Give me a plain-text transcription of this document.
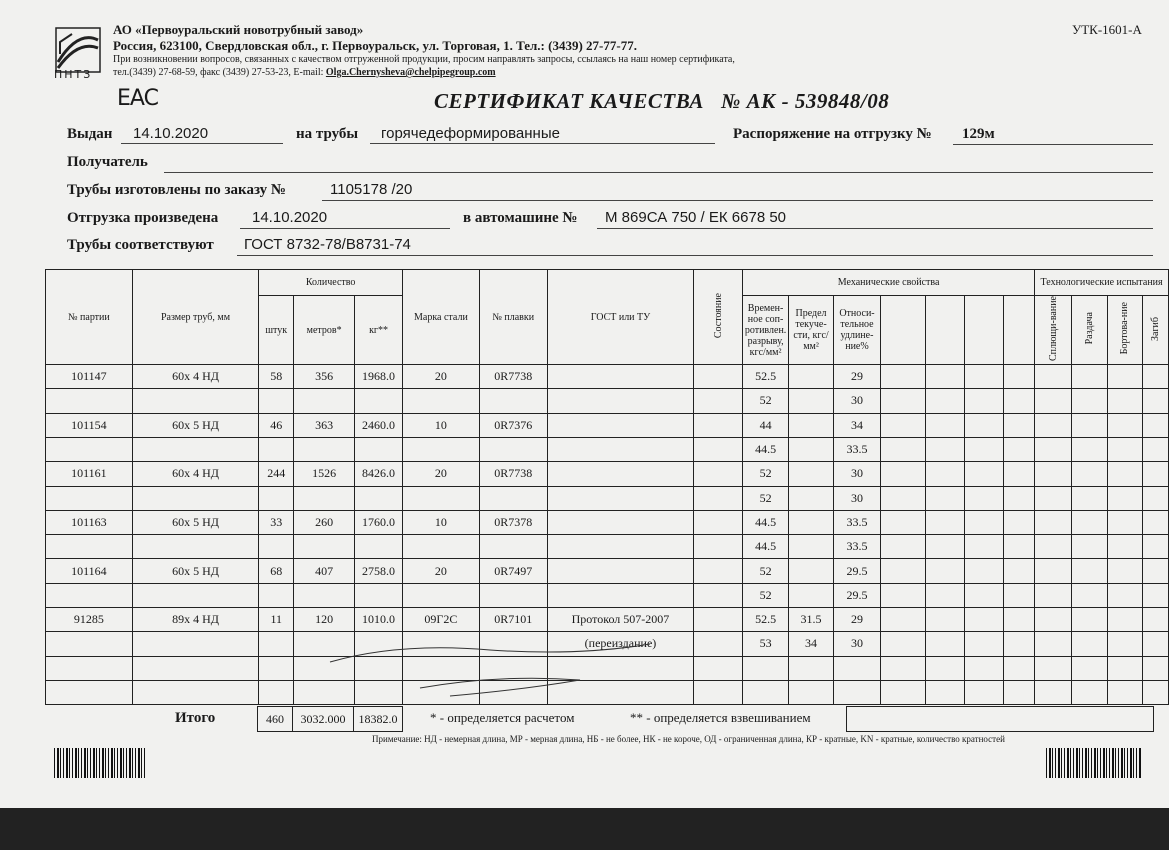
ПНТЗ
АО «Первоуральский новотрубный завод»
Россия, 623100, Свердловская обл., г. Первоуральск, ул. Торговая, 1. Тел.: (3439) 27-77-77.
При возникновении вопросов, связанных с качеством отгруженной продукции, просим направлять запросы, ссылаясь на наш номер сертификата,
тел.(3439) 27-68-59, факс (3439) 27-53-23, E-mail: Olga.Chernysheva@chelpipegroup.com
УТК-1601-А
EAC	СЕРТИФИКАТ КАЧЕСТВА № АК - 539848/08
Выдан 14.10.2020	на трубы горячедеформированные	Распоряжение на отгрузку № 129м
Получатель
Трубы изготовлены по заказу №	1105178 /20
Отгрузка произведена 14.10.2020	в автомашине № М 869СА 750 / ЕК 6678 50
Трубы соответствуют ГОСТ 8732-78/В8731-74
№ партии	Размер труб, мм	Количество			Марка стали	№ плавки	ГОСТ или ТУ	Состояние	Механические свойства							Технологические испытания			
		штук	метров*	кг**					Времен-ное соп-ротивлен. разрыву, кгс/мм²	Предел текуче-сти, кгс/мм²	Относи-тельное удлине-ние%					Сплющи-вание	Раздача	Бортова-ние	Загиб
101147	60х 4 НД	58	356	1968.0	20	0R7738			52.5		29								
									52		30								
101154	60х 5 НД	46	363	2460.0	10	0R7376			44		34								
									44.5		33.5								
101161	60х 4 НД	244	1526	8426.0	20	0R7738			52		30								
									52		30								
101163	60х 5 НД	33	260	1760.0	10	0R7378			44.5		33.5								
									44.5		33.5								
101164	60х 5 НД	68	407	2758.0	20	0R7497			52		29.5								
									52		29.5								
91285	89х 4 НД	11	120	1010.0	09Г2С	0R7101	Протокол 507-2007		52.5	31.5	29								
							(переиздание)		53	34	30								

Итого	460	3032.000	18382.0	* - определяется расчетом	** - определяется взвешиванием
Примечание: НД - немерная длина, МР - мерная длина, НБ - не более, НК - не короче, ОД - ограниченная длина, КР - кратные, KN - кратные, количество кратностей
